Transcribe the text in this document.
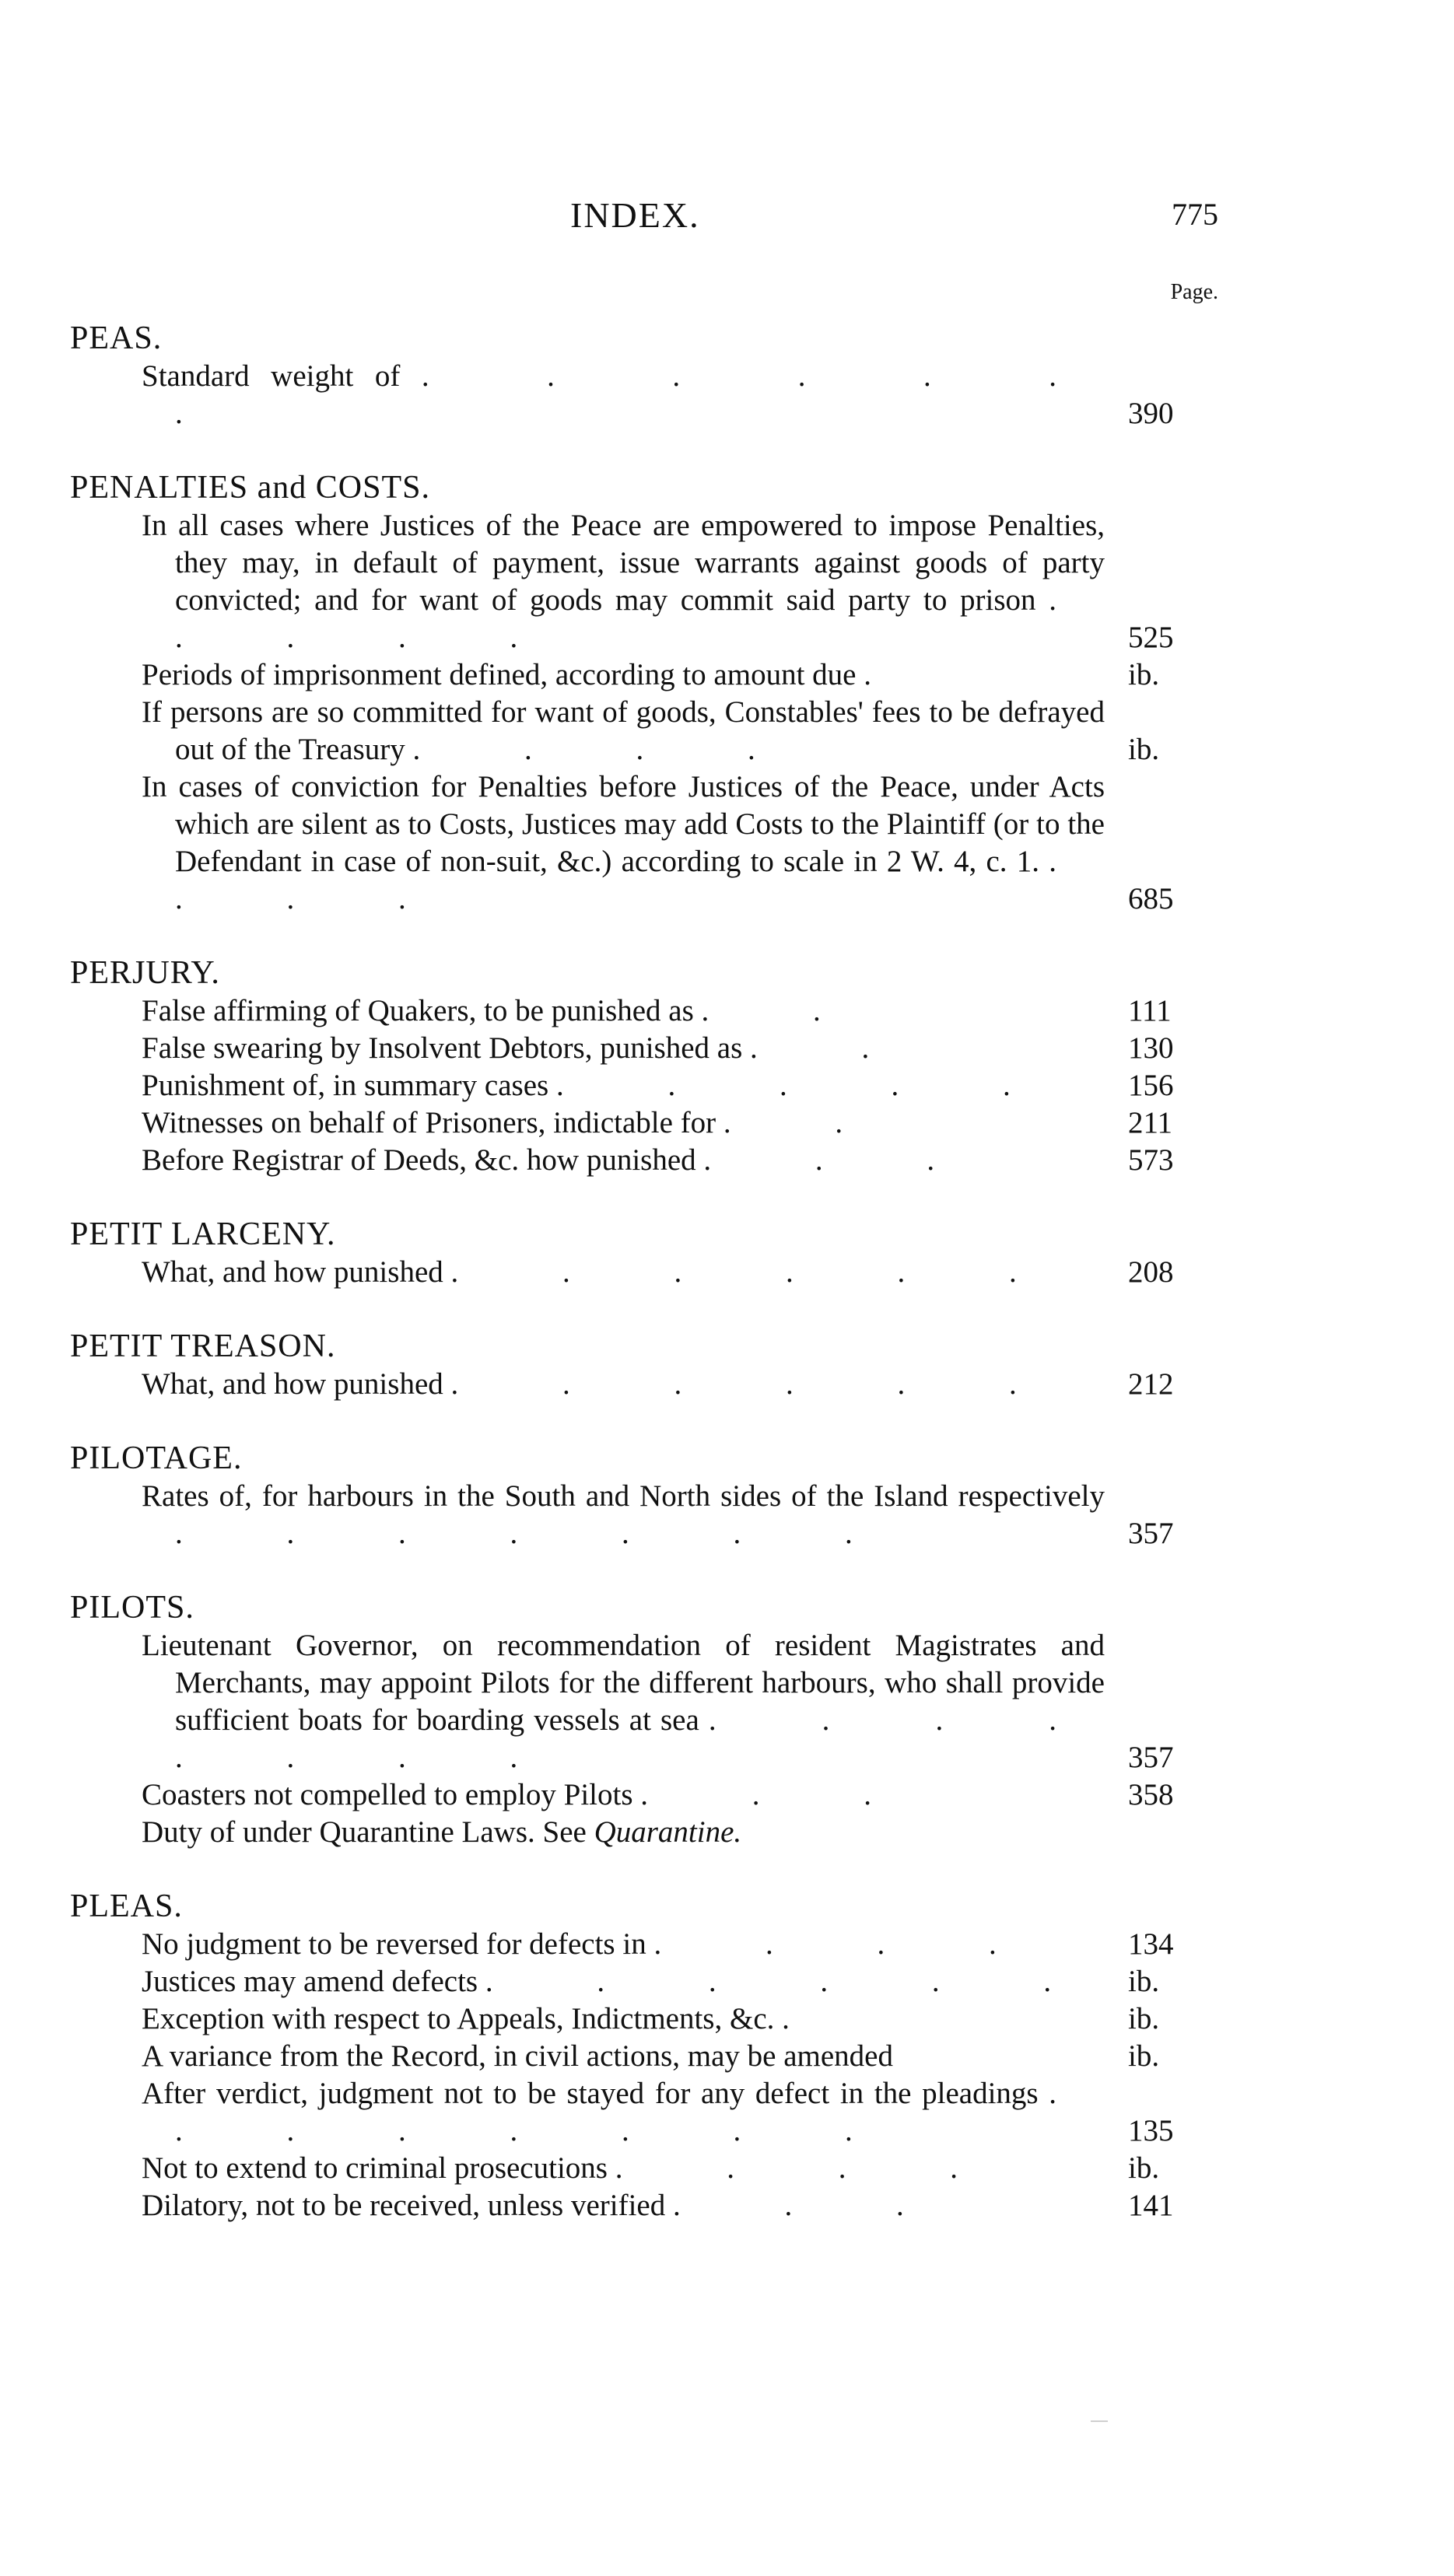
INDEX.	775
Page.
PEAS.
Standard weight of . . . . . . .	390
PENALTIES and COSTS.
In all cases where Justices of the Peace are empowered to impose Penalties, they may, in default of payment, issue warrants against goods of party convicted; and for want of goods may commit said party to prison . . . . .	525
Periods of imprisonment defined, according to amount due .	ib.
If persons are so committed for want of goods, Constables' fees to be defrayed out of the Treasury . . . .	ib.
In cases of conviction for Penalties before Justices of the Peace, under Acts which are silent as to Costs, Justices may add Costs to the Plaintiff (or to the Defendant in case of non-suit, &c.) according to scale in 2 W. 4, c. 1. . . . .	685
PERJURY.
False affirming of Quakers, to be punished as . .	111
False swearing by Insolvent Debtors, punished as . .	130
Punishment of, in summary cases . . . . . 156
Witnesses on behalf of Prisoners, indictable for . .	211
Before Registrar of Deeds, &c. how punished . . .	573
PETIT LARCENY.
What, and how punished . . . . . . 208
PETIT TREASON.
What, and how punished . . . . . . 212
PILOTAGE.
Rates of, for harbours in the South and North sides of the Island respectively . . . . . . .	357
PILOTS.
Lieutenant Governor, on recommendation of resident Magistrates and Merchants, may appoint Pilots for the different harbours, who shall provide sufficient boats for boarding vessels at sea . . . . . . . .	357
Coasters not compelled to employ Pilots . . .	358
Duty of under Quarantine Laws. See Quarantine.
PLEAS.
No judgment to be reversed for defects in . . . .	134
Justices may amend defects . . . . . . ib.
Exception with respect to Appeals, Indictments, &c. .	ib.
A variance from the Record, in civil actions, may be amended	ib.
After verdict, judgment not to be stayed for any defect in the pleadings . . . . . . . .	135
Not to extend to criminal prosecutions . . . .	ib.
Dilatory, not to be received, unless verified . . .	141
